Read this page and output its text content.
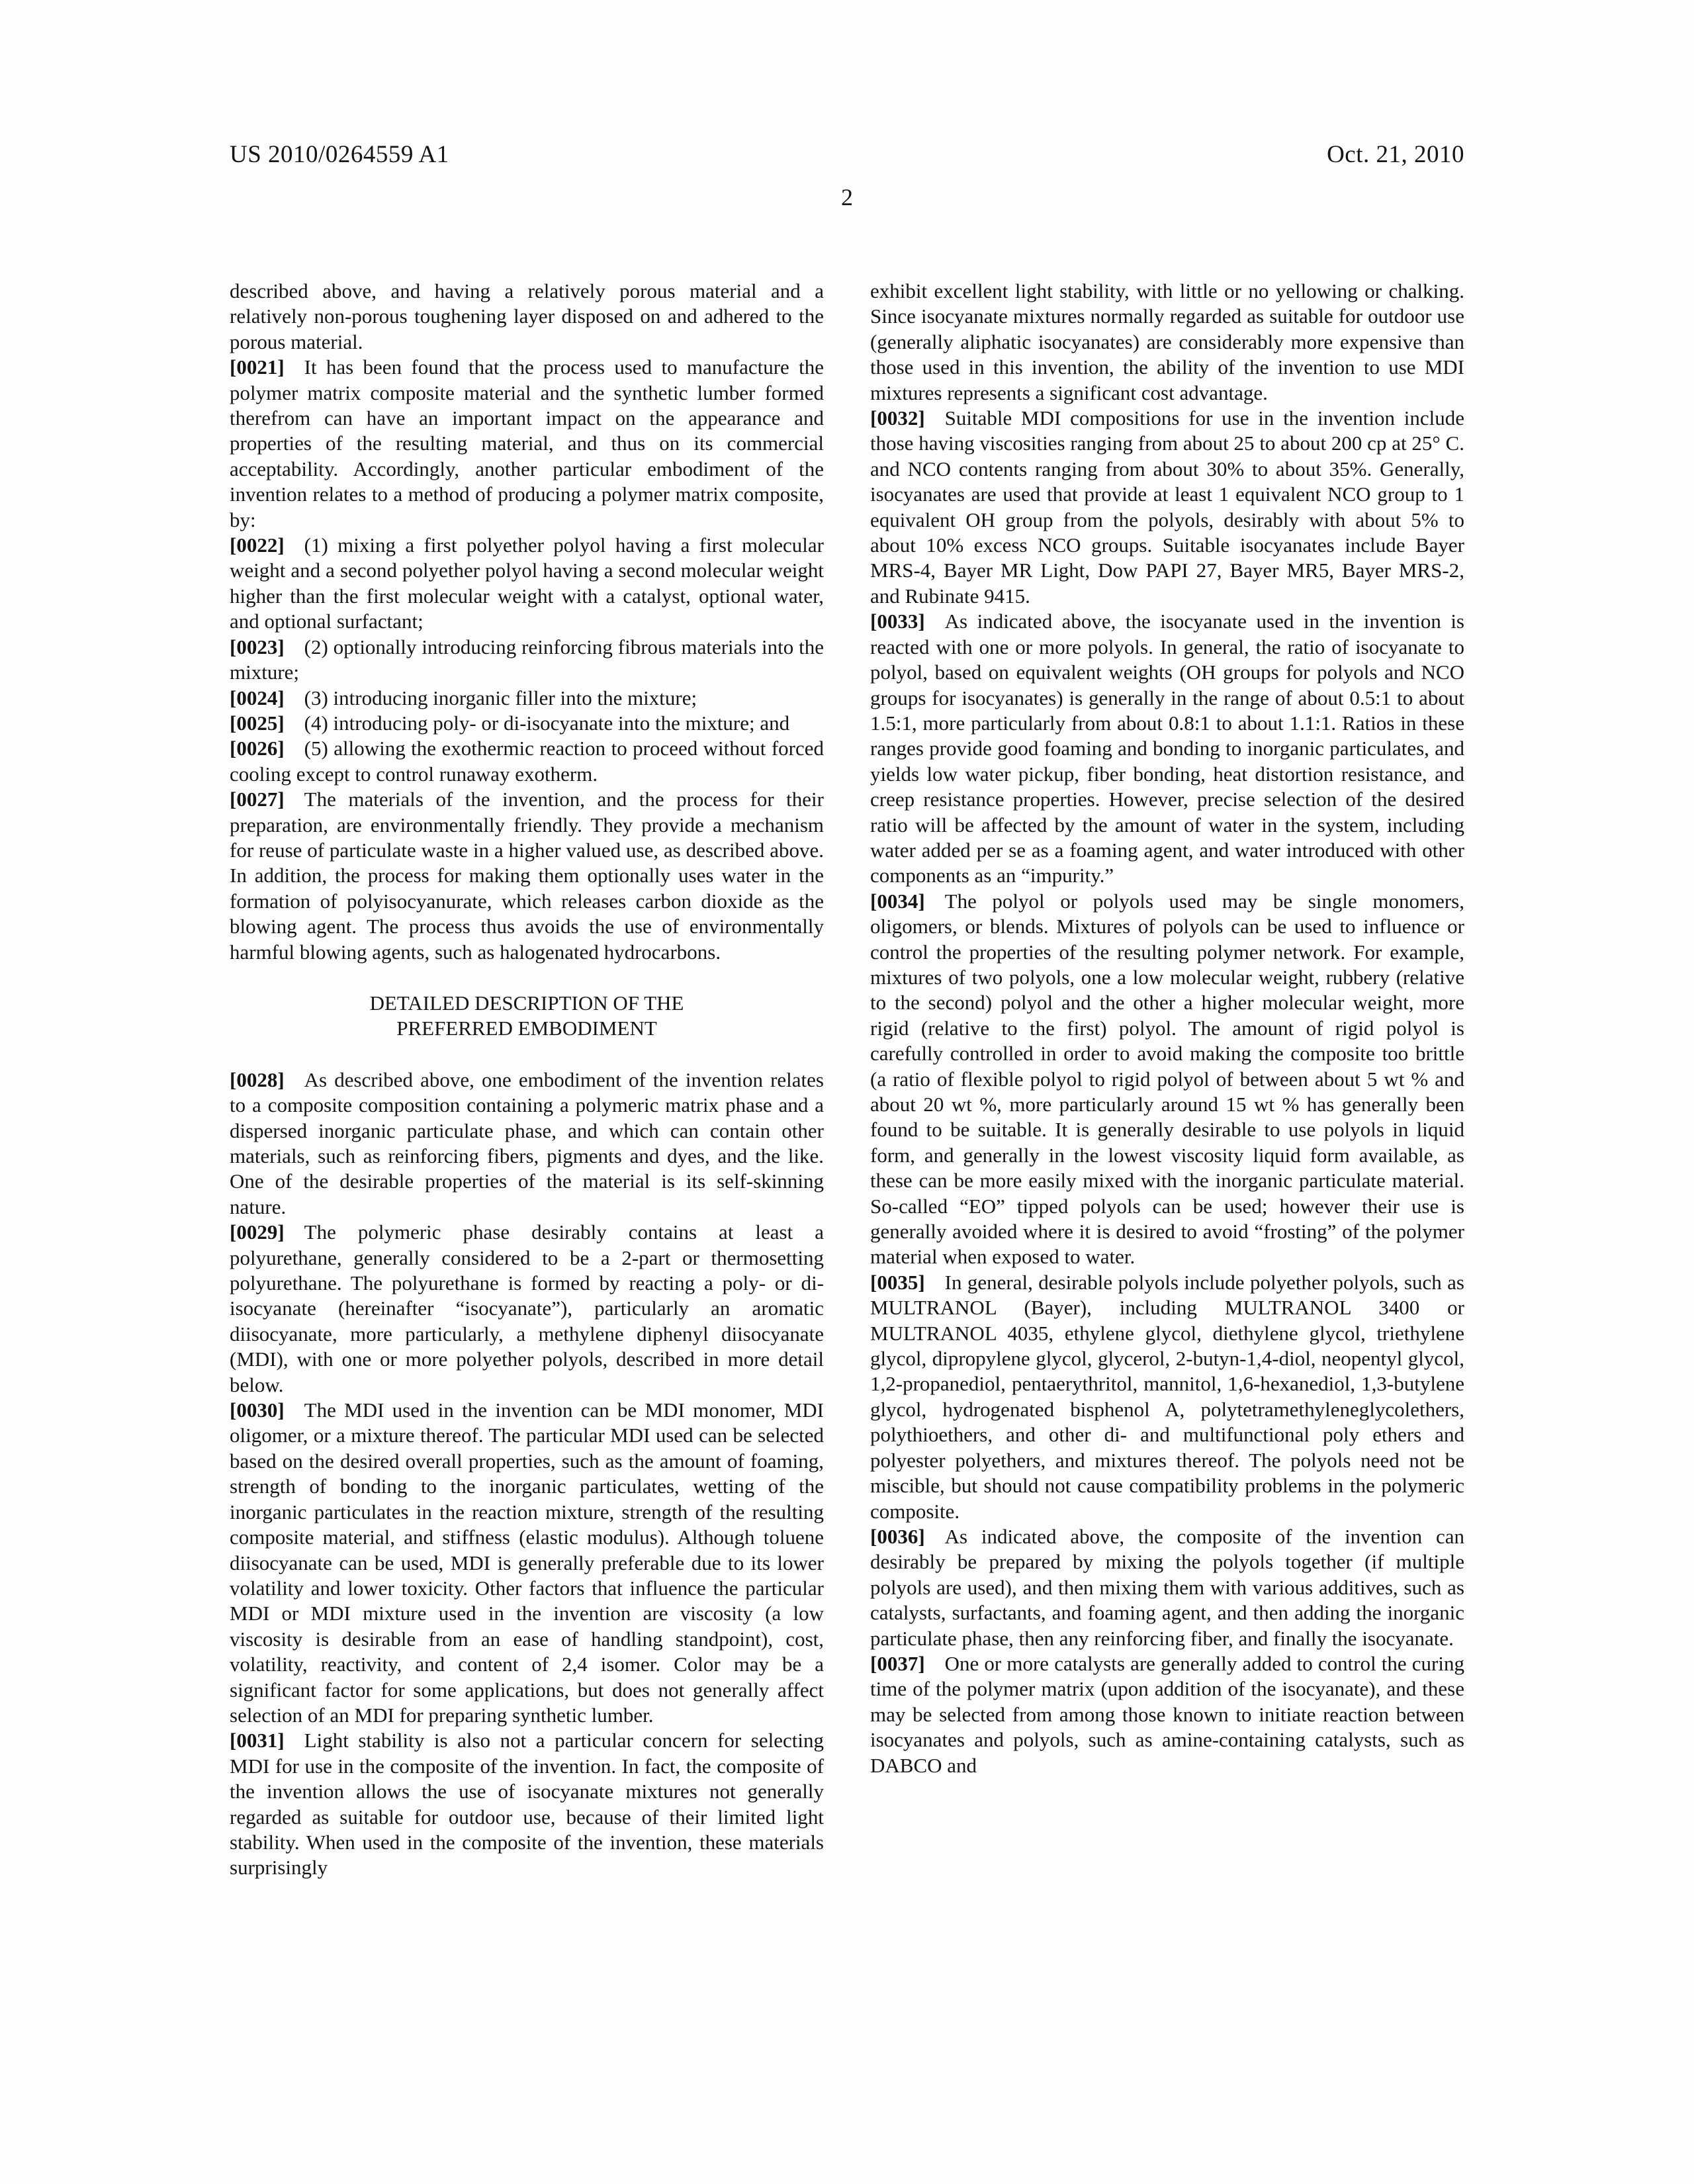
US 2010/0264559 A1	Oct. 21, 2010
2

described above, and having a relatively porous material and a relatively non-porous toughening layer disposed on and adhered to the porous material.

[0021] It has been found that the process used to manufacture the polymer matrix composite material and the synthetic lumber formed therefrom can have an important impact on the appearance and properties of the resulting material, and thus on its commercial acceptability. Accordingly, another particular embodiment of the invention relates to a method of producing a polymer matrix composite, by:

[0022] (1) mixing a first polyether polyol having a first molecular weight and a second polyether polyol having a second molecular weight higher than the first molecular weight with a catalyst, optional water, and optional surfactant;

[0023] (2) optionally introducing reinforcing fibrous materials into the mixture;

[0024] (3) introducing inorganic filler into the mixture;

[0025] (4) introducing poly- or di-isocyanate into the mixture; and

[0026] (5) allowing the exothermic reaction to proceed without forced cooling except to control runaway exotherm.

[0027] The materials of the invention, and the process for their preparation, are environmentally friendly. They provide a mechanism for reuse of particulate waste in a higher valued use, as described above. In addition, the process for making them optionally uses water in the formation of polyisocyanurate, which releases carbon dioxide as the blowing agent. The process thus avoids the use of environmentally harmful blowing agents, such as halogenated hydrocarbons.

DETAILED DESCRIPTION OF THE PREFERRED EMBODIMENT

[0028] As described above, one embodiment of the invention relates to a composite composition containing a polymeric matrix phase and a dispersed inorganic particulate phase, and which can contain other materials, such as reinforcing fibers, pigments and dyes, and the like. One of the desirable properties of the material is its self-skinning nature.

[0029] The polymeric phase desirably contains at least a polyurethane, generally considered to be a 2-part or thermosetting polyurethane. The polyurethane is formed by reacting a poly- or di-isocyanate (hereinafter “isocyanate”), particularly an aromatic diisocyanate, more particularly, a methylene diphenyl diisocyanate (MDI), with one or more polyether polyols, described in more detail below.

[0030] The MDI used in the invention can be MDI monomer, MDI oligomer, or a mixture thereof. The particular MDI used can be selected based on the desired overall properties, such as the amount of foaming, strength of bonding to the inorganic particulates, wetting of the inorganic particulates in the reaction mixture, strength of the resulting composite material, and stiffness (elastic modulus). Although toluene diisocyanate can be used, MDI is generally preferable due to its lower volatility and lower toxicity. Other factors that influence the particular MDI or MDI mixture used in the invention are viscosity (a low viscosity is desirable from an ease of handling standpoint), cost, volatility, reactivity, and content of 2,4 isomer. Color may be a significant factor for some applications, but does not generally affect selection of an MDI for preparing synthetic lumber.

[0031] Light stability is also not a particular concern for selecting MDI for use in the composite of the invention. In fact, the composite of the invention allows the use of isocyanate mixtures not generally regarded as suitable for outdoor use, because of their limited light stability. When used in the composite of the invention, these materials surprisingly

exhibit excellent light stability, with little or no yellowing or chalking. Since isocyanate mixtures normally regarded as suitable for outdoor use (generally aliphatic isocyanates) are considerably more expensive than those used in this invention, the ability of the invention to use MDI mixtures represents a significant cost advantage.

[0032] Suitable MDI compositions for use in the invention include those having viscosities ranging from about 25 to about 200 cp at 25° C. and NCO contents ranging from about 30% to about 35%. Generally, isocyanates are used that provide at least 1 equivalent NCO group to 1 equivalent OH group from the polyols, desirably with about 5% to about 10% excess NCO groups. Suitable isocyanates include Bayer MRS-4, Bayer MR Light, Dow PAPI 27, Bayer MR5, Bayer MRS-2, and Rubinate 9415.

[0033] As indicated above, the isocyanate used in the invention is reacted with one or more polyols. In general, the ratio of isocyanate to polyol, based on equivalent weights (OH groups for polyols and NCO groups for isocyanates) is generally in the range of about 0.5:1 to about 1.5:1, more particularly from about 0.8:1 to about 1.1:1. Ratios in these ranges provide good foaming and bonding to inorganic particulates, and yields low water pickup, fiber bonding, heat distortion resistance, and creep resistance properties. However, precise selection of the desired ratio will be affected by the amount of water in the system, including water added per se as a foaming agent, and water introduced with other components as an “impurity.”

[0034] The polyol or polyols used may be single monomers, oligomers, or blends. Mixtures of polyols can be used to influence or control the properties of the resulting polymer network. For example, mixtures of two polyols, one a low molecular weight, rubbery (relative to the second) polyol and the other a higher molecular weight, more rigid (relative to the first) polyol. The amount of rigid polyol is carefully controlled in order to avoid making the composite too brittle (a ratio of flexible polyol to rigid polyol of between about 5 wt % and about 20 wt %, more particularly around 15 wt % has generally been found to be suitable. It is generally desirable to use polyols in liquid form, and generally in the lowest viscosity liquid form available, as these can be more easily mixed with the inorganic particulate material. So-called “EO” tipped polyols can be used; however their use is generally avoided where it is desired to avoid “frosting” of the polymer material when exposed to water.

[0035] In general, desirable polyols include polyether polyols, such as MULTRANOL (Bayer), including MULTRANOL 3400 or MULTRANOL 4035, ethylene glycol, diethylene glycol, triethylene glycol, dipropylene glycol, glycerol, 2-butyn-1,4-diol, neopentyl glycol, 1,2-propanediol, pentaerythritol, mannitol, 1,6-hexanediol, 1,3-butylene glycol, hydrogenated bisphenol A, polytetramethyleneglycolethers, polythioethers, and other di- and multifunctional poly ethers and polyester polyethers, and mixtures thereof. The polyols need not be miscible, but should not cause compatibility problems in the polymeric composite.

[0036] As indicated above, the composite of the invention can desirably be prepared by mixing the polyols together (if multiple polyols are used), and then mixing them with various additives, such as catalysts, surfactants, and foaming agent, and then adding the inorganic particulate phase, then any reinforcing fiber, and finally the isocyanate.

[0037] One or more catalysts are generally added to control the curing time of the polymer matrix (upon addition of the isocyanate), and these may be selected from among those known to initiate reaction between isocyanates and polyols, such as amine-containing catalysts, such as DABCO and
